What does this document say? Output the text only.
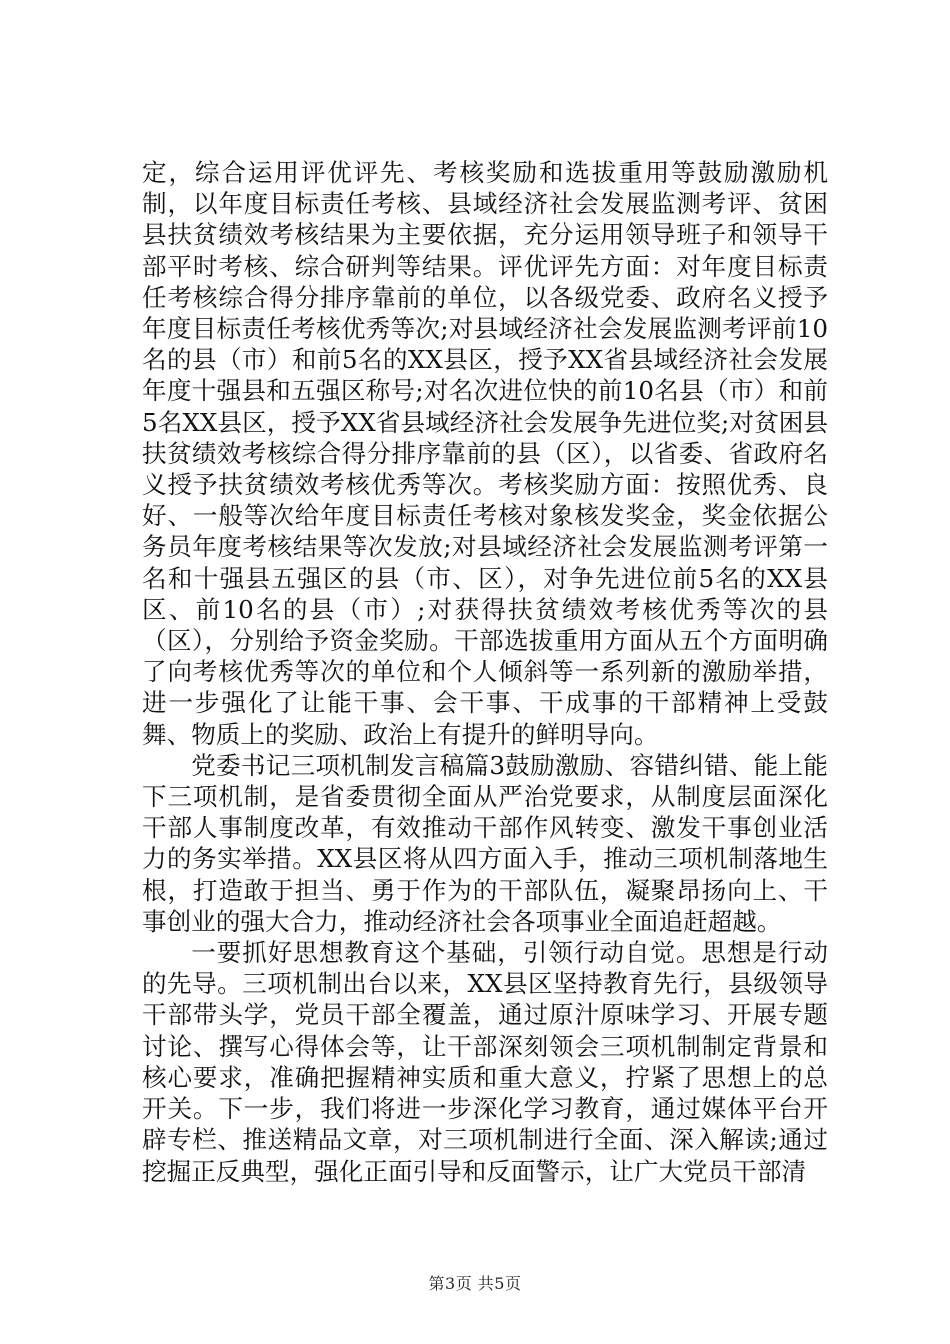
定，综合运用评优评先、考核奖励和选拔重用等鼓励激励机制，以年度目标责任考核、县域经济社会发展监测考评、贫困县扶贫绩效考核结果为主要依据，充分运用领导班子和领导干部平时考核、综合研判等结果。评优评先方面：对年度目标责任考核综合得分排序靠前的单位，以各级党委、政府名义授予年度目标责任考核优秀等次;对县域经济社会发展监测考评前10名的县（市）和前5名的XX县区，授予XX省县域经济社会发展年度十强县和五强区称号;对名次进位快的前10名县（市）和前5名XX县区，授予XX省县域经济社会发展争先进位奖;对贫困县扶贫绩效考核综合得分排序靠前的县（区），以省委、省政府名义授予扶贫绩效考核优秀等次。考核奖励方面：按照优秀、良好、一般等次给年度目标责任考核对象核发奖金，奖金依据公务员年度考核结果等次发放;对县域经济社会发展监测考评第一名和十强县五强区的县（市、区），对争先进位前5名的XX县区、前10名的县（市）;对获得扶贫绩效考核优秀等次的县（区），分别给予资金奖励。干部选拔重用方面从五个方面明确了向考核优秀等次的单位和个人倾斜等一系列新的激励举措，进一步强化了让能干事、会干事、干成事的干部精神上受鼓舞、物质上的奖励、政治上有提升的鲜明导向。

党委书记三项机制发言稿篇3鼓励激励、容错纠错、能上能下三项机制，是省委贯彻全面从严治党要求，从制度层面深化干部人事制度改革，有效推动干部作风转变、激发干事创业活力的务实举措。XX县区将从四方面入手，推动三项机制落地生根，打造敢于担当、勇于作为的干部队伍，凝聚昂扬向上、干事创业的强大合力，推动经济社会各项事业全面追赶超越。

一要抓好思想教育这个基础，引领行动自觉。思想是行动的先导。三项机制出台以来，XX县区坚持教育先行，县级领导干部带头学，党员干部全覆盖，通过原汁原味学习、开展专题讨论、撰写心得体会等，让干部深刻领会三项机制制定背景和核心要求，准确把握精神实质和重大意义，拧紧了思想上的总开关。下一步，我们将进一步深化学习教育，通过媒体平台开辟专栏、推送精品文章，对三项机制进行全面、深入解读;通过挖掘正反典型，强化正面引导和反面警示，让广大党员干部清

第3页 共5页
